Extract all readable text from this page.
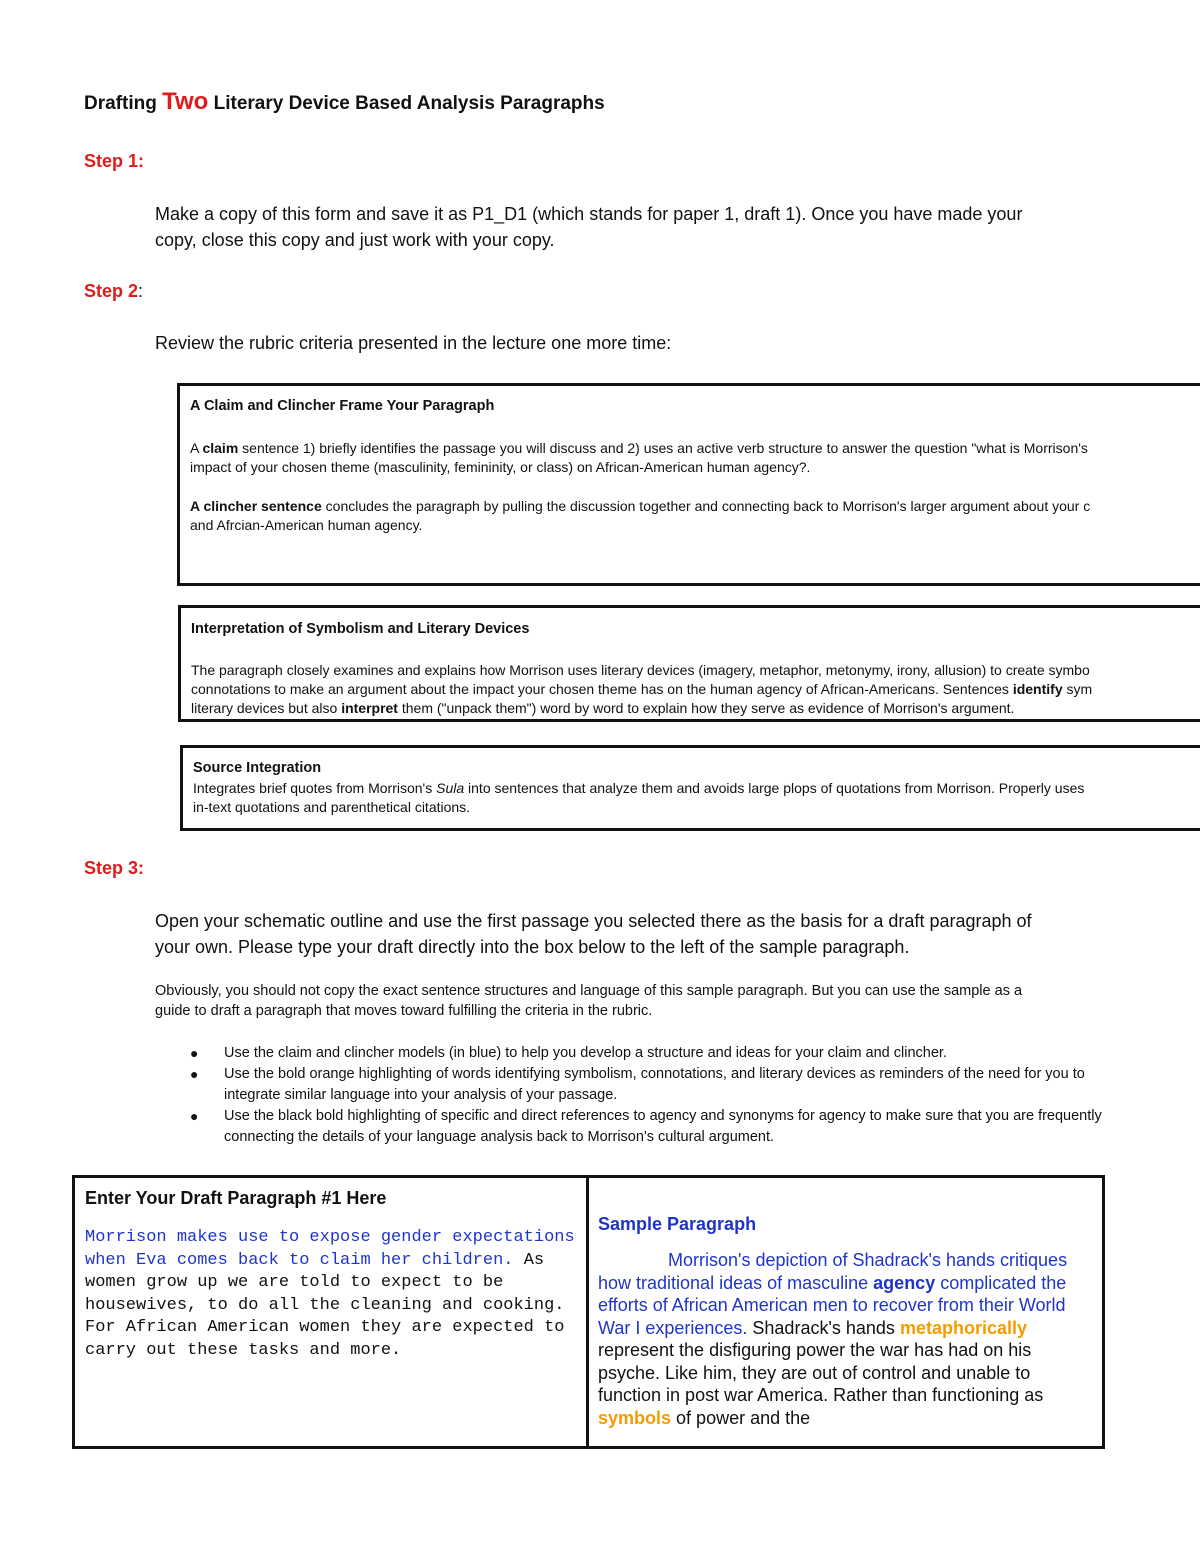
Drafting Two Literary Device Based Analysis Paragraphs
Step 1:
Make a copy of this form and save it as P1_D1 (which stands for paper 1, draft 1). Once you have made your
copy, close this copy and just work with your copy.
Step 2:
Review the rubric criteria presented in the lecture one more time:

A Claim and Clincher Frame Your Paragraph

A claim sentence 1) briefly identifies the passage you will discuss and 2) uses an active verb structure to answer the question "what is Morrison's

impact of your chosen theme (masculinity, femininity, or class) on African-American human agency?.

A clincher sentence concludes the paragraph by pulling the discussion together and connecting back to Morrison's larger argument about your c

and Afrcian-American human agency.

Interpretation of Symbolism and Literary Devices

The paragraph closely examines and explains how Morrison uses literary devices (imagery, metaphor, metonymy, irony, allusion) to create symbo

connotations to make an argument about the impact your chosen theme has on the human agency of African-Americans. Sentences identify sym

literary devices but also interpret them ("unpack them") word by word to explain how they serve as evidence of Morrison's argument.

Source Integration

Integrates brief quotes from Morrison's Sula into sentences that analyze them and avoids large plops of quotations from Morrison. Properly uses

in-text quotations and parenthetical citations.

Step 3:
Open your schematic outline and use the first passage you selected there as the basis for a draft paragraph of
your own. Please type your draft directly into the box below to the left of the sample paragraph.
Obviously, you should not copy the exact sentence structures and language of this sample paragraph. But you can use the sample as a
guide to draft a paragraph that moves toward fulfilling the criteria in the rubric.
● Use the claim and clincher models (in blue) to help you develop a structure and ideas for your claim and clincher.
● Use the bold orange highlighting of words identifying symbolism, connotations, and literary devices as reminders of the need for you to integrate similar language into your analysis of your passage.
● Use the black bold highlighting of specific and direct references to agency and synonyms for agency to make sure that you are frequently connecting the details of your language analysis back to Morrison's cultural argument.
Enter Your Draft Paragraph #1 Here
Morrison makes use to expose gender expectations when Eva comes back to claim her children. As women grow up we are told to expect to be housewives, to do all the cleaning and cooking. For African American women they are expected to carry out these tasks and more.
Sample Paragraph
Morrison's depiction of Shadrack's hands critiques how traditional ideas of masculine agency complicated the efforts of African American men to recover from their World War I experiences. Shadrack's hands metaphorically represent the disfiguring power the war has had on his psyche. Like him, they are out of control and unable to function in post war America. Rather than functioning as symbols of power and the
